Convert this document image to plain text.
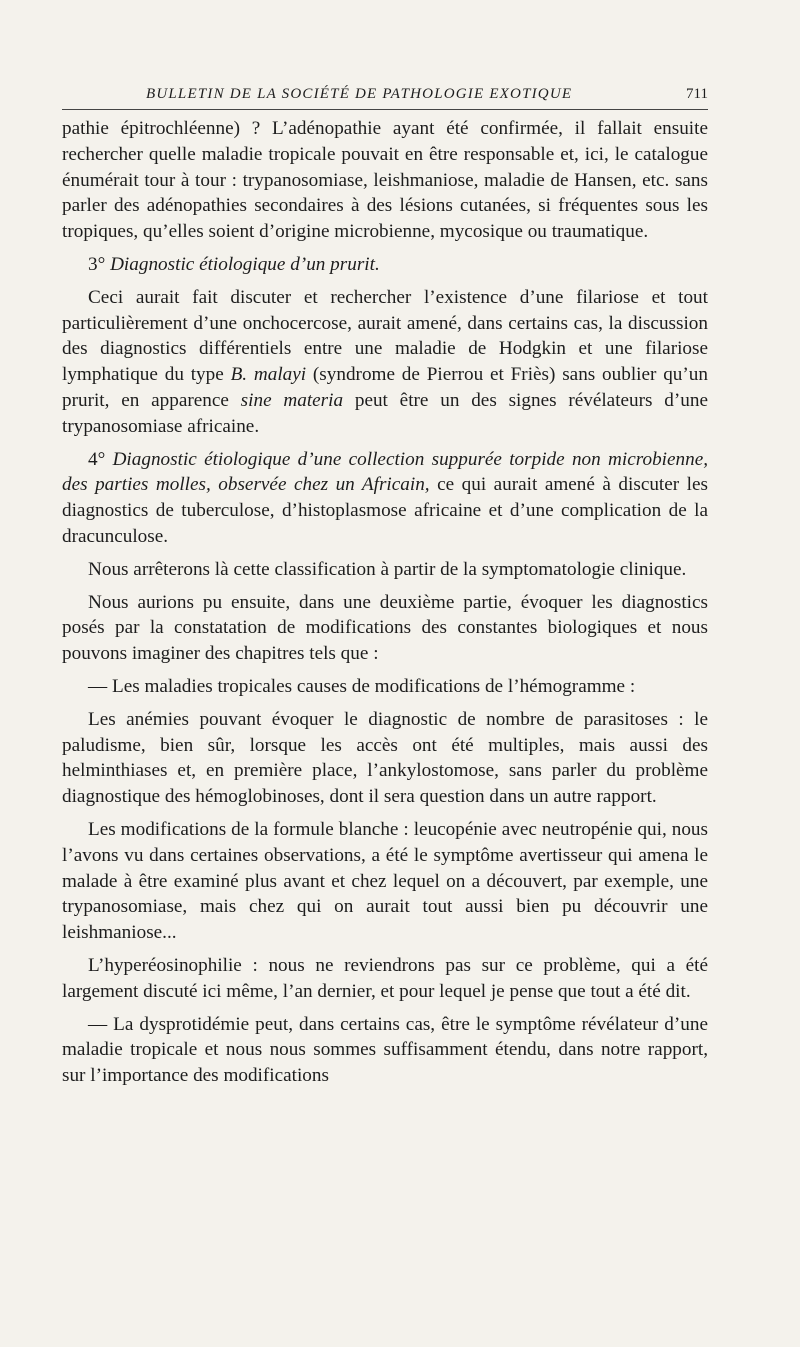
BULLETIN DE LA SOCIÉTÉ DE PATHOLOGIE EXOTIQUE	711

pathie épitrochléenne) ? L’adénopathie ayant été confirmée, il fallait ensuite rechercher quelle maladie tropicale pouvait en être responsable et, ici, le catalogue énumérait tour à tour : trypanosomiase, leishmaniose, maladie de Hansen, etc. sans parler des adénopathies secondaires à des lésions cutanées, si fréquentes sous les tropiques, qu’elles soient d’origine microbienne, mycosique ou traumatique.

3° Diagnostic étiologique d’un prurit.

Ceci aurait fait discuter et rechercher l’existence d’une filariose et tout particulièrement d’une onchocercose, aurait amené, dans certains cas, la discussion des diagnostics différentiels entre une maladie de Hodgkin et une filariose lymphatique du type B. malayi (syndrome de Pierrou et Friès) sans oublier qu’un prurit, en apparence sine materia peut être un des signes révélateurs d’une trypanosomiase africaine.

4° Diagnostic étiologique d’une collection suppurée torpide non microbienne, des parties molles, observée chez un Africain, ce qui aurait amené à discuter les diagnostics de tuberculose, d’histoplasmose africaine et d’une complication de la dracunculose.

Nous arrêterons là cette classification à partir de la symptomatologie clinique.

Nous aurions pu ensuite, dans une deuxième partie, évoquer les diagnostics posés par la constatation de modifications des constantes biologiques et nous pouvons imaginer des chapitres tels que :

— Les maladies tropicales causes de modifications de l’hémogramme :

Les anémies pouvant évoquer le diagnostic de nombre de parasitoses : le paludisme, bien sûr, lorsque les accès ont été multiples, mais aussi des helminthiases et, en première place, l’ankylostomose, sans parler du problème diagnostique des hémoglobinoses, dont il sera question dans un autre rapport.

Les modifications de la formule blanche : leucopénie avec neutropénie qui, nous l’avons vu dans certaines observations, a été le symptôme avertisseur qui amena le malade à être examiné plus avant et chez lequel on a découvert, par exemple, une trypanosomiase, mais chez qui on aurait tout aussi bien pu découvrir une leishmaniose...

L’hyperéosinophilie : nous ne reviendrons pas sur ce problème, qui a été largement discuté ici même, l’an dernier, et pour lequel je pense que tout a été dit.

— La dysprotidémie peut, dans certains cas, être le symptôme révélateur d’une maladie tropicale et nous nous sommes suffisamment étendu, dans notre rapport, sur l’importance des modifications
